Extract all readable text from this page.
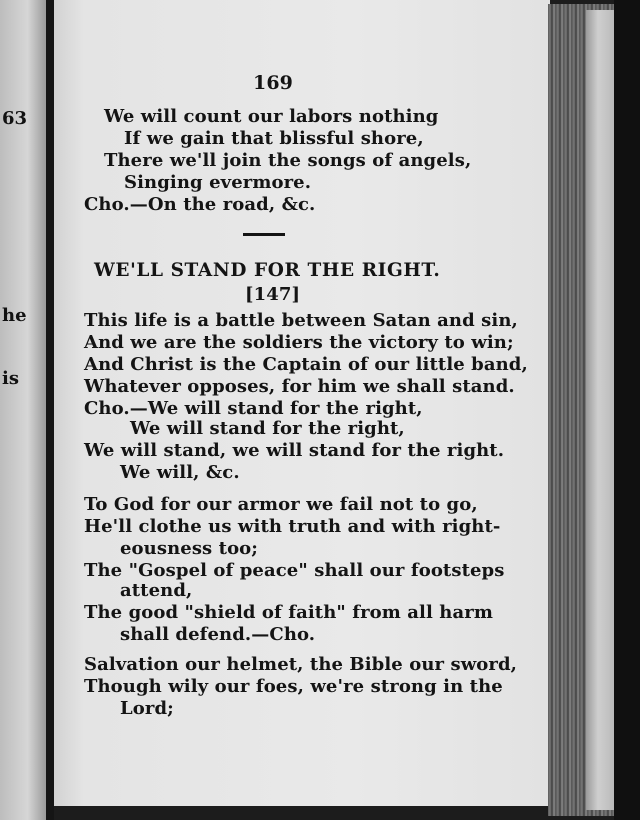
63
he
is
169
We will count our labors nothing
If we gain that blissful shore,
There we'll join the songs of angels,
Singing evermore.
Cho.—On the road, &c.
WE'LL STAND FOR THE RIGHT.
[147]
This life is a battle between Satan and sin,
And we are the soldiers the victory to win;
And Christ is the Captain of our little band,
Whatever opposes, for him we shall stand.
Cho.—We will stand for the right,
We will stand for the right,
We will stand, we will stand for the right.
We will, &c.
To God for our armor we fail not to go,
He'll clothe us with truth and with right-
eousness too;
The "Gospel of peace" shall our footsteps
attend,
The good "shield of faith" from all harm
shall defend.—Cho.
Salvation our helmet, the Bible our sword,
Though wily our foes, we're strong in the
Lord;
